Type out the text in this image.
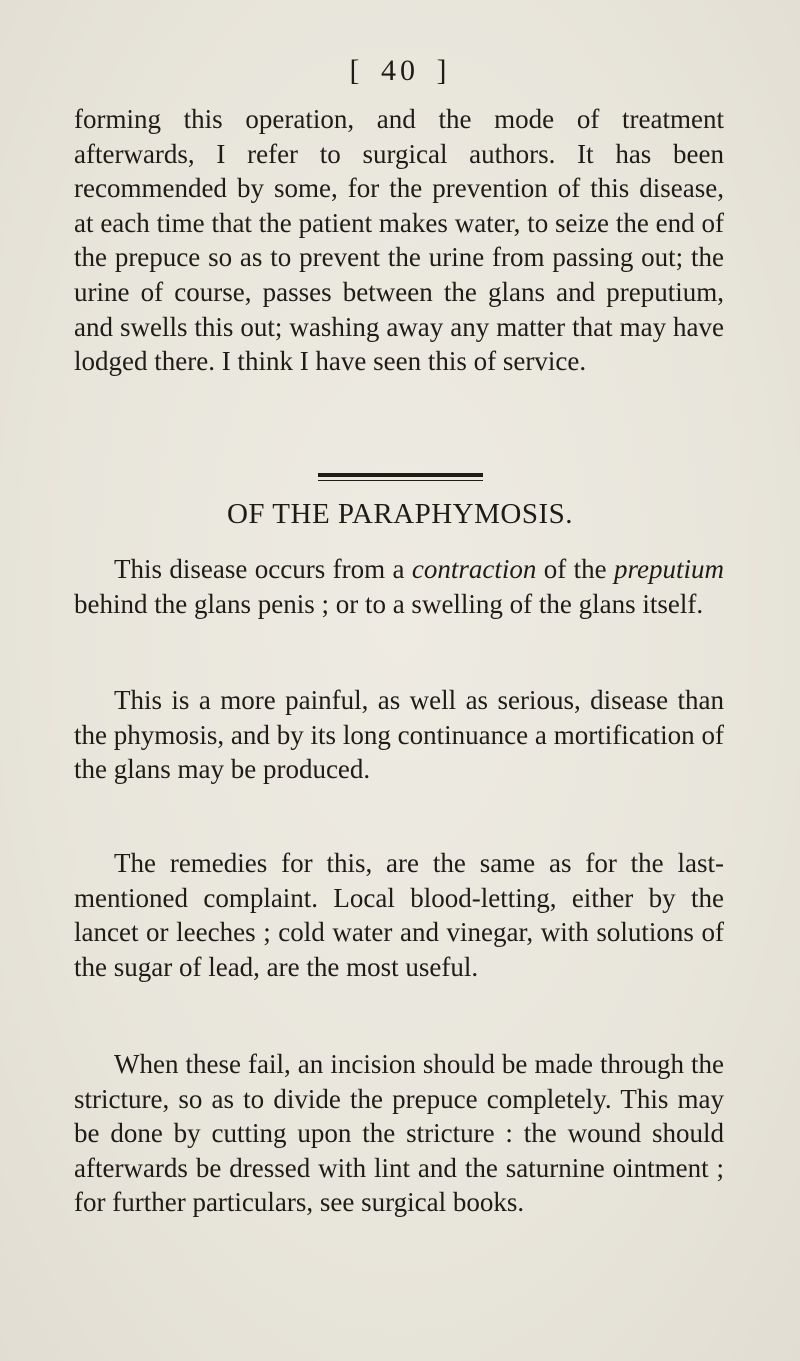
[ 40 ]
forming this operation, and the mode of treatment afterwards, I refer to surgical authors. It has been recommended by some, for the prevention of this disease, at each time that the patient makes water, to seize the end of the prepuce so as to prevent the urine from passing out; the urine of course, passes between the glans and preputium, and swells this out; washing away any matter that may have lodged there. I think I have seen this of service.
OF THE PARAPHYMOSIS.
This disease occurs from a contraction of the preputium behind the glans penis ; or to a swelling of the glans itself.
This is a more painful, as well as serious, disease than the phymosis, and by its long continuance a mortification of the glans may be produced.
The remedies for this, are the same as for the last-mentioned complaint. Local blood-letting, either by the lancet or leeches ; cold water and vinegar, with solutions of the sugar of lead, are the most useful.
When these fail, an incision should be made through the stricture, so as to divide the prepuce completely. This may be done by cutting upon the stricture : the wound should afterwards be dressed with lint and the saturnine ointment ; for further particulars, see surgical books.
